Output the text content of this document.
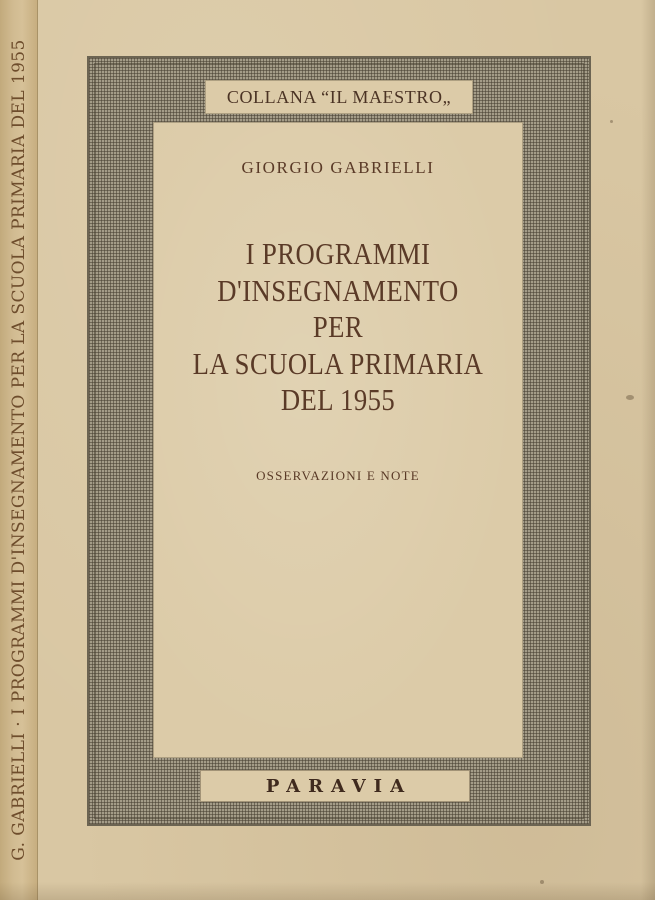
G. GABRIELLI · I PROGRAMMI D'INSEGNAMENTO PER LA SCUOLA PRIMARIA DEL 1955	COLLANA “IL MAESTRO„
GIORGIO GABRIELLI
I PROGRAMMI
D'INSEGNAMENTO
PER
LA SCUOLA PRIMARIA
DEL 1955
OSSERVAZIONI E NOTE
PARAVIA
